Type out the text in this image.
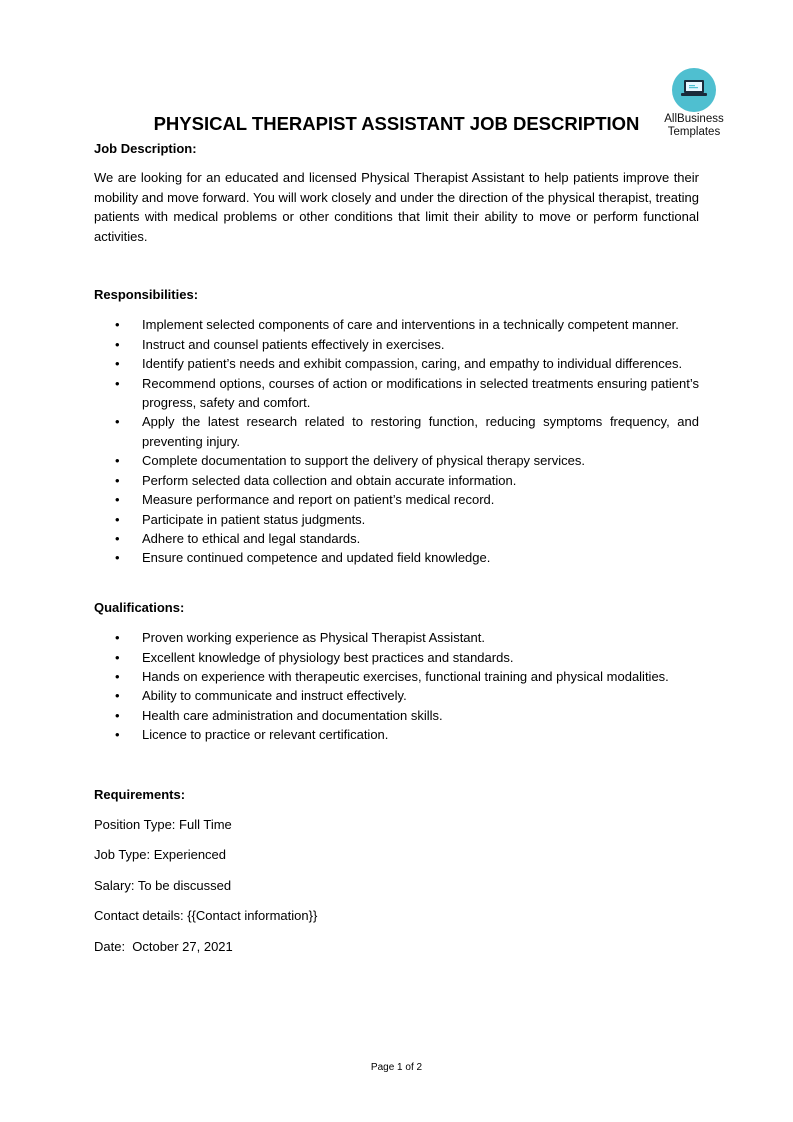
AllBusiness
Templates
PHYSICAL THERAPIST ASSISTANT JOB DESCRIPTION

Job Description:

We are looking for an educated and licensed Physical Therapist Assistant to help patients improve their mobility and move forward. You will work closely and under the direction of the physical therapist, treating patients with medical problems or other conditions that limit their ability to move or perform functional activities.

Responsibilities:

• Implement selected components of care and interventions in a technically competent manner.
• Instruct and counsel patients effectively in exercises.
• Identify patient’s needs and exhibit compassion, caring, and empathy to individual differences.
• Recommend options, courses of action or modifications in selected treatments ensuring patient’s progress, safety and comfort.
• Apply the latest research related to restoring function, reducing symptoms frequency, and preventing injury.
• Complete documentation to support the delivery of physical therapy services.
• Perform selected data collection and obtain accurate information.
• Measure performance and report on patient’s medical record.
• Participate in patient status judgments.
• Adhere to ethical and legal standards.
• Ensure continued competence and updated field knowledge.

Qualifications:

• Proven working experience as Physical Therapist Assistant.
• Excellent knowledge of physiology best practices and standards.
• Hands on experience with therapeutic exercises, functional training and physical modalities.
• Ability to communicate and instruct effectively.
• Health care administration and documentation skills.
• Licence to practice or relevant certification.

Requirements:

Position Type: Full Time

Job Type: Experienced

Salary: To be discussed

Contact details: {{Contact information}}

Date:  October 27, 2021

Page 1 of 2
